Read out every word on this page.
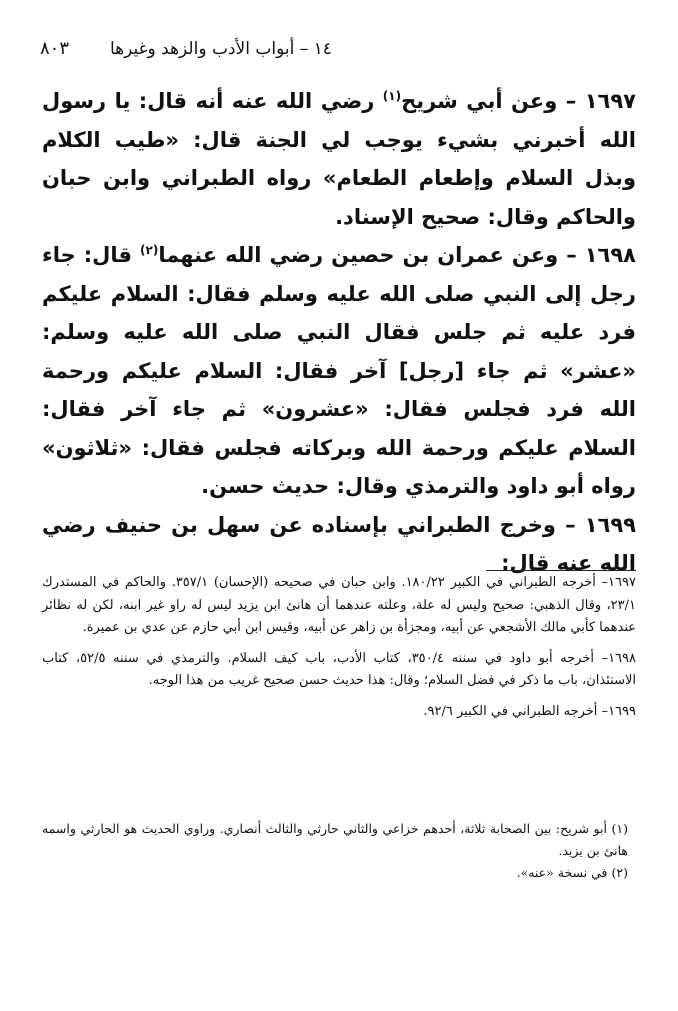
١٤ – أبواب الأدب والزهد وغيرها
٨٠٣

١٦٩٧ – وعن أبي شريح$^{(١)}$ رضي الله عنه أنه قال: يا رسول الله أخبرني بشيء يوجب لي الجنة قال: «طيب الكلام وبذل السلام وإطعام الطعام» رواه الطبراني وابن حبان والحاكم وقال: صحيح الإسناد.

١٦٩٨ – وعن عمران بن حصين رضي الله عنهما$^{(٢)}$ قال: جاء رجل إلى النبي صلى الله عليه وسلم فقال: السلام عليكم فرد عليه ثم جلس فقال النبي صلى الله عليه وسلم: «عشر» ثم جاء [رجل] آخر فقال: السلام عليكم ورحمة الله فرد فجلس فقال: «عشرون» ثم جاء آخر فقال: السلام عليكم ورحمة الله وبركاته فجلس فقال: «ثلاثون» رواه أبو داود والترمذي وقال: حديث حسن.

١٦٩٩ – وخرج الطبراني بإسناده عن سهل بن حنيف رضي الله عنه قال:

١٦٩٧– أخرجه الطبراني في الكبير ١٨٠/٢٢. وابن حبان في صحيحه (الإحسان) ٣٥٧/١. والحاكم في المستدرك ٢٣/١، وقال الذهبي: صحيح وليس له علة، وعلته عندهما أن هانئ ابن يزيد ليس له راو غير ابنه، لكن له نظائر عندهما كأبي مالك الأشجعي عن أبيه، ومجزأة بن زاهر عن أبيه، وقيس ابن أبي حازم عن عدي بن عميرة.

١٦٩٨– أخرجه أبو داود في سننه ٣٥٠/٤، كتاب الأدب، باب كيف السلام. والترمذي في سننه ٥٢/٥، كتاب الاستئذان، باب ما ذكر في فضل السلام؛ وقال: هذا حديث حسن صحيح غريب من هذا الوجه.

١٦٩٩– أخرجه الطبراني في الكبير ٩٢/٦.

(١) أبو شريح: بين الصحابة ثلاثة، أحدهم خزاعي والثاني حارثي والثالث أنصاري. وراوي الحديث هو الحارثي واسمه هانئ بن يزيد.

(٢) في نسخة «عنه».
